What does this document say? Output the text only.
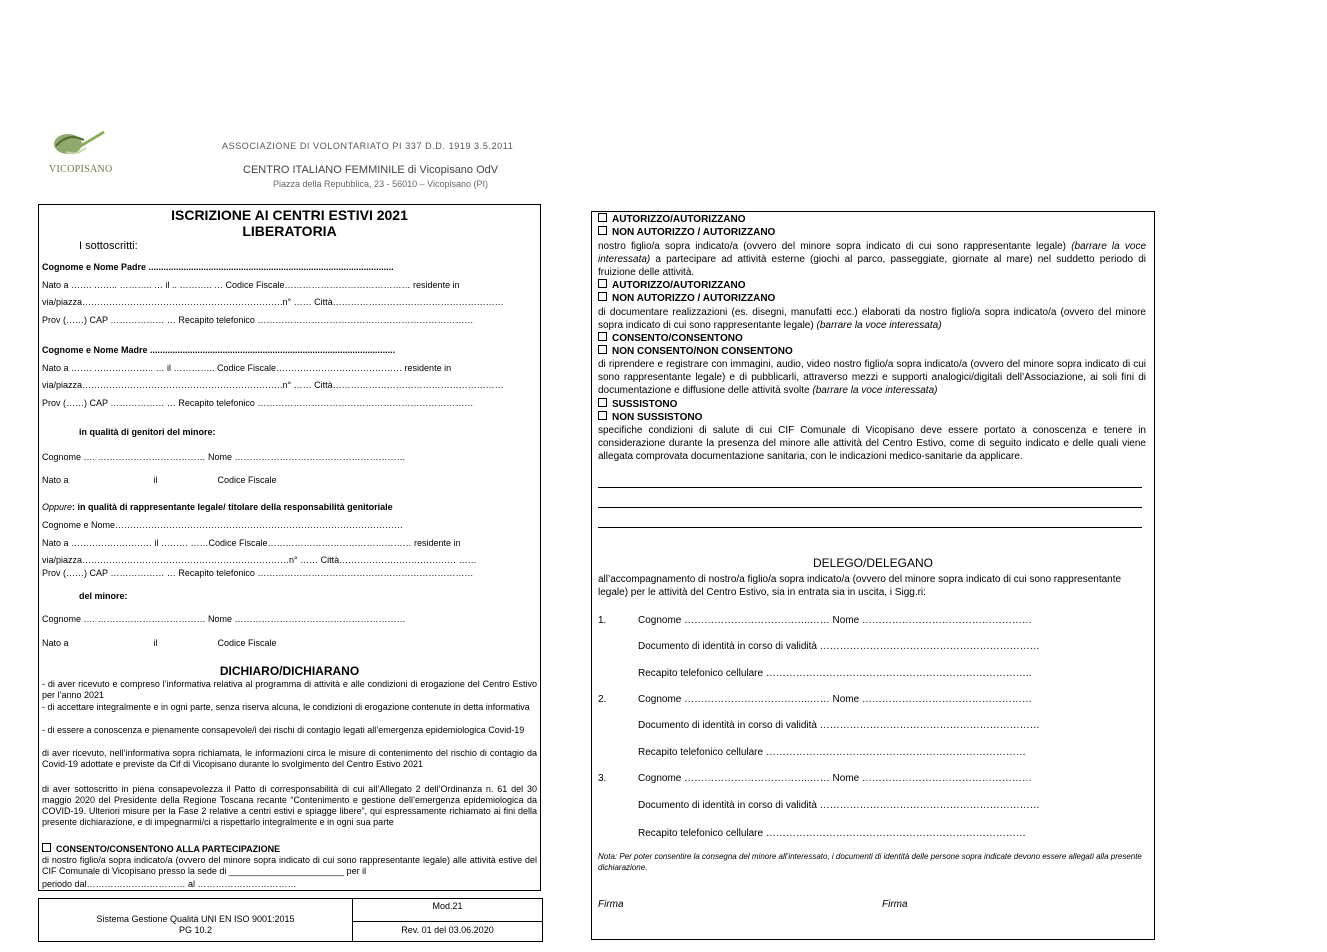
VICOPISANO
ASSOCIAZIONE DI VOLONTARIATO PI 337 D.D. 1919 3.5.2011
CENTRO ITALIANO FEMMINILE di Vicopisano OdV
Piazza della Repubblica, 23 - 56010 – Vicopisano (PI)
ISCRIZIONE AI CENTRI ESTIVI 2021
LIBERATORIA
I sottoscritti:
Cognome e Nome Padre ..................................................................................................
Nato a ……. …….. ……….. … il .. ……….. … Codice Fiscale…………………………………… residente in
via/piazza………………………………………………………….n° …… Città…………………………………………………
Prov (……) CAP ……………… … Recapito telefonico ………………………………………………………………
Cognome e Nome Madre ..................................................................................................
Nato a ……. ……………….. … il ………….. Codice Fiscale…………………………………… residente in
via/piazza………………………………………………………….n° …… Città…………………………………………………
Prov (……) CAP ……………… … Recapito telefonico ………………………………………………………………
in qualità di genitori del minore:
Cognome …. ……………………………… Nome …………………………………………………
Nato a                                  il                        Codice Fiscale
Oppure: in qualità di rappresentante legale/ titolare della responsabilità genitoriale
Cognome e Nome……………………………………………………………………………………
Nato a ……………………… il ……… ……Codice Fiscale………………………………………… residente in
via/piazza……………………………………………………………n° …… Città………………………………… ……
Prov (……) CAP ……………… … Recapito telefonico ………………………………………………………………
del minore:
Cognome …. ……………………………… Nome …………………………………………………
Nato a                                  il                        Codice Fiscale
DICHIARO/DICHIARANO
- di aver ricevuto e compreso l’informativa relativa al programma di attività e alle condizioni di erogazione del Centro Estivo per l’anno 2021
- di accettare integralmente e in ogni parte, senza riserva alcuna, le condizioni di erogazione contenute in detta informativa
- di essere a conoscenza e pienamente consapevole/i dei rischi di contagio legati all’emergenza epidemiologica Covid-19
di aver ricevuto, nell’informativa sopra richiamata, le informazioni circa le misure di contenimento del rischio di contagio da Covid-19 adottate e previste da Cif di Vicopisano durante lo svolgimento del Centro Estivo 2021
di aver sottoscritto in piena consapevolezza il Patto di corresponsabilità di cui all’Allegato 2 dell’Ordinanza n. 61 del 30 maggio 2020 del Presidente della Regione Toscana recante “Contenimento e gestione dell’emergenza epidemiologica da COVID-19. Ulteriori misure per la Fase 2 relative a centri estivi e spiagge libere”, qui espressamente richiamato ai fini della presente dichiarazione, e di impegnarmi/ci a rispettarlo integralmente e in ogni sua parte
CONSENTO/CONSENTONO ALLA PARTECIPAZIONE
di nostro figlio/a sopra indicato/a (ovvero del minore sopra indicato di cui sono rappresentante legale) alle attività estive del CIF Comunale di Vicopisano presso la sede di _______________________ per il
periodo dal…………………………… al ……………………………
Sistema Gestione Qualità UNI EN ISO 9001:2015
PG 10.2
Mod.21
Rev. 01 del 03.06.2020
AUTORIZZO/AUTORIZZANO
NON AUTORIZZO / AUTORIZZANO
nostro figlio/a sopra indicato/a (ovvero del minore sopra indicato di cui sono rappresentante legale) (barrare la voce interessata) a partecipare ad attività esterne (giochi al parco, passeggiate, giornate al mare) nel suddetto periodo di fruizione delle attività.
AUTORIZZO/AUTORIZZANO
NON AUTORIZZO / AUTORIZZANO
di documentare realizzazioni (es. disegni, manufatti ecc.) elaborati da nostro figlio/a sopra indicato/a (ovvero del minore sopra indicato di cui sono rappresentante legale) (barrare la voce interessata)
CONSENTO/CONSENTONO
NON CONSENTO/NON CONSENTONO
di riprendere e registrare con immagini, audio, video nostro figlio/a sopra indicato/a (ovvero del minore sopra indicato di cui sono rappresentante legale) e di pubblicarli, attraverso mezzi e supporti analogici/digitali dell’Associazione, ai soli fini di documentazione e diffusione delle attività svolte (barrare la voce interessata)
SUSSISTONO
NON SUSSISTONO
specifiche condizioni di salute di cui CIF Comunale di Vicopisano deve essere portato a conoscenza e tenere in considerazione durante la presenza del minore alle attività del Centro Estivo, come di seguito indicato e delle quali viene allegata comprovata documentazione sanitaria, con le indicazioni medico-sanitarie da applicare.
DELEGO/DELEGANO
all’accompagnamento di nostro/a figlio/a sopra indicato/a (ovvero del minore sopra indicato di cui sono rappresentante legale) per le attività del Centro Estivo, sia in entrata sia in uscita, i Sigg.ri:
1.	Cognome ………………………………..…… Nome ……………………………………………
Documento di identità in corso di validità …………………………………………………………
Recapito telefonico cellulare ……………………………………………………………………..
2.	Cognome ………………………………..…… Nome ……………………………………………
Documento di identità in corso di validità …………………………………………………………
Recapito telefonico cellulare ……………………………………………………………………
3.	Cognome ………………………………..…… Nome ……………………………………………
Documento di identità in corso di validità …………………………………………………………
Recapito telefonico cellulare ……………………………………………………………………
Nota: Per poter consentire la consegna del minore all’interessato, i documenti di identità delle persone sopra indicate devono essere allegati alla presente dichiarazione.
Firma	Firma
